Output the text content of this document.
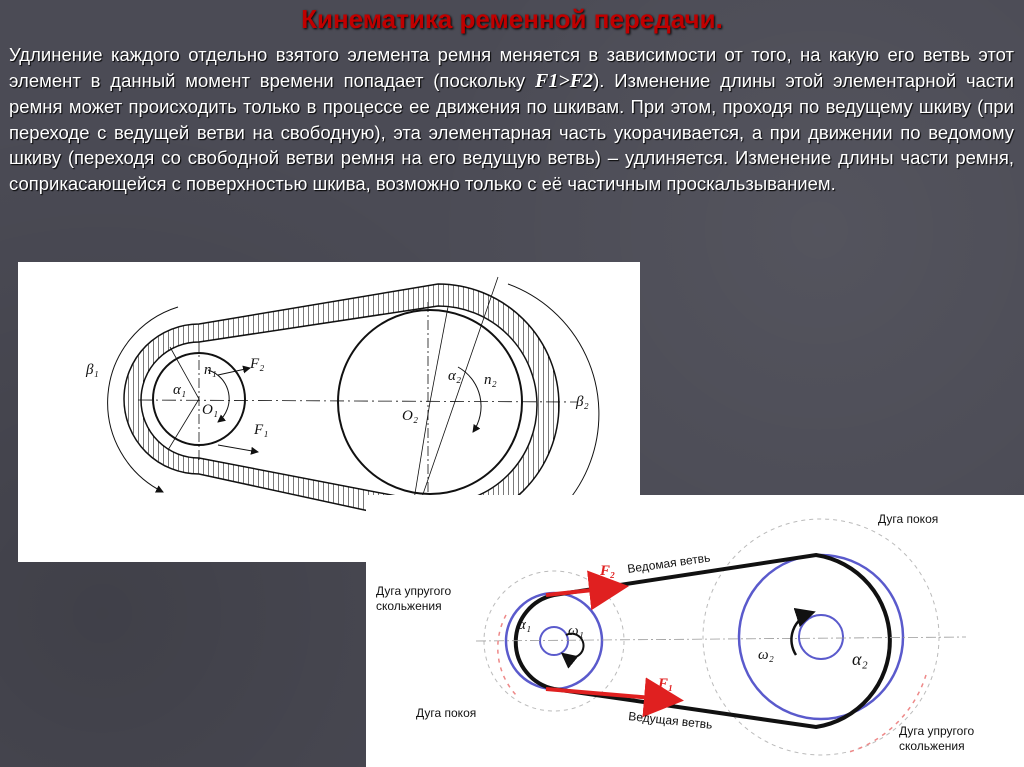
Кинематика ременной передачи.
Удлинение каждого отдельно взятого элемента ремня меняется в зависимости от того, на какую его ветвь этот элемент в данный момент времени попадает (поскольку F1>F2). Изменение длины этой элементарной части ремня может происходить только в процессе ее движения по шкивам. При этом, проходя по ведущему шкиву (при переходе с ведущей ветви на свободную), эта элементарная часть укорачивается, а при движении по ведомому шкиву (переходя со свободной ветви ремня на его ведущую ветвь) – удлиняется. Изменение длины части ремня, соприкасающейся с поверхностью шкива, возможно только с её частичным проскальзыванием.
β₁
β₂
α₁
α₂
n₁
n₂
O₁	O₂
F₁
F₂
Дуга покоя
Дуга упругого
скольжения
Дуга покоя
Дуга упругого
скольжения
Ведомая ветвь
Ведущая ветвь
F₂
F₁
α₁ ω₁
ω₂	α₂
